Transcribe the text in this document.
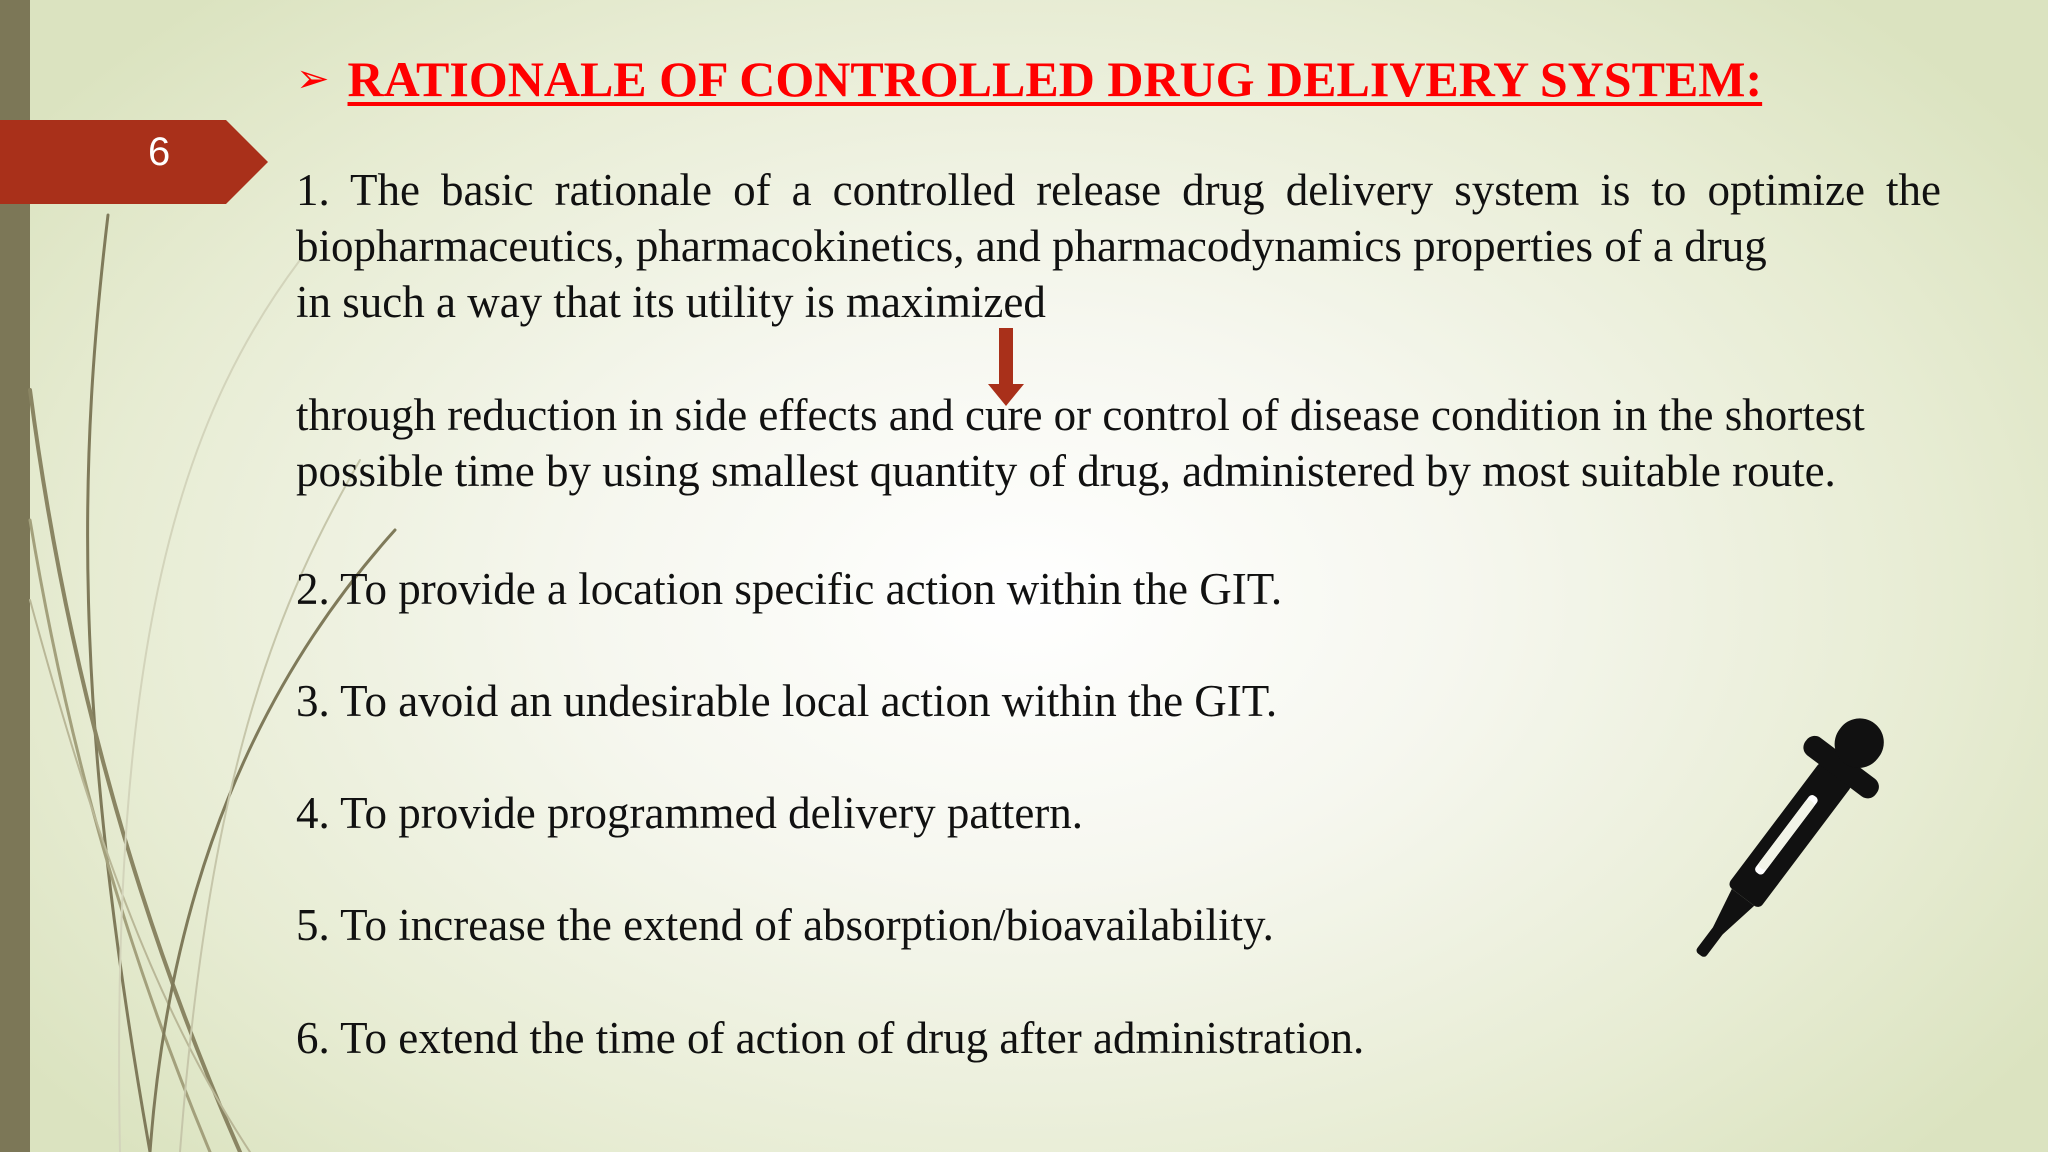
6
➢ RATIONALE OF CONTROLLED DRUG DELIVERY SYSTEM:
1. The basic rationale of a controlled release drug delivery system is to optimize the
biopharmaceutics, pharmacokinetics, and pharmacodynamics properties of a drug
in such a way that its utility is maximized
through reduction in side effects and cure or control of disease condition in the shortest
possible time by using smallest quantity of drug, administered by most suitable route.
2. To provide a location specific action within the GIT.
3. To avoid an undesirable local action within the GIT.
4. To provide programmed delivery pattern.
5. To increase the extend of absorption/bioavailability.
6. To extend the time of action of drug after administration.
